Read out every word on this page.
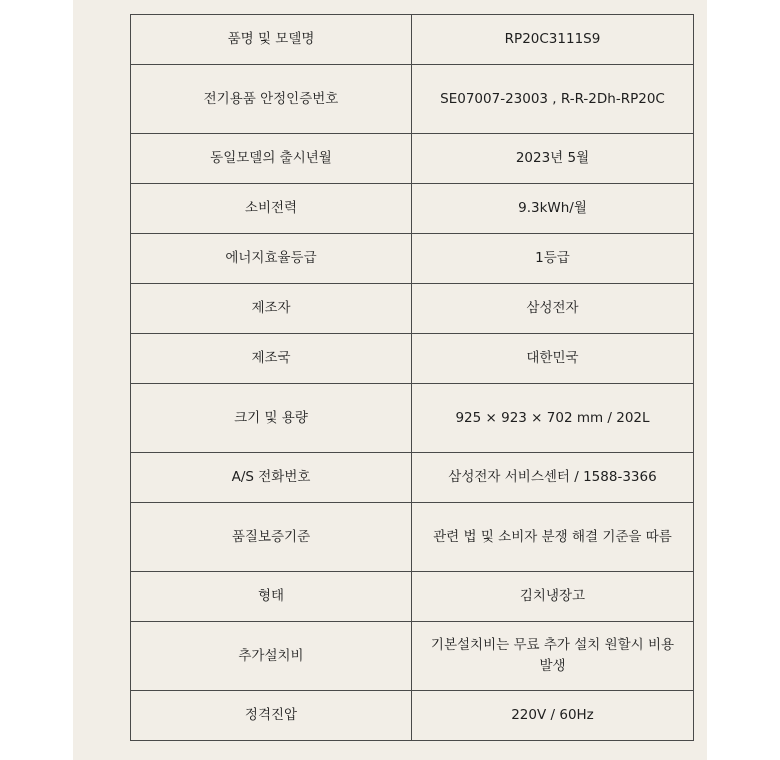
품명 및 모델명	RP20C3111S9
전기용품 안정인증번호	SE07007-23003 , R-R-2Dh-RP20C
동일모델의 출시년월	2023년 5월
소비전력	9.3kWh/월
에너지효율등급	1등급
제조자	삼성전자
제조국	대한민국
크기 및 용량	925 × 923 × 702 mm / 202L
A/S 전화번호	삼성전자 서비스센터 / 1588-3366
품질보증기준	관련 법 및 소비자 분쟁 해결 기준을 따름
형태	김치냉장고
추가설치비	기본설치비는 무료 추가 설치 원할시 비용 발생
정격진압	220V / 60Hz
